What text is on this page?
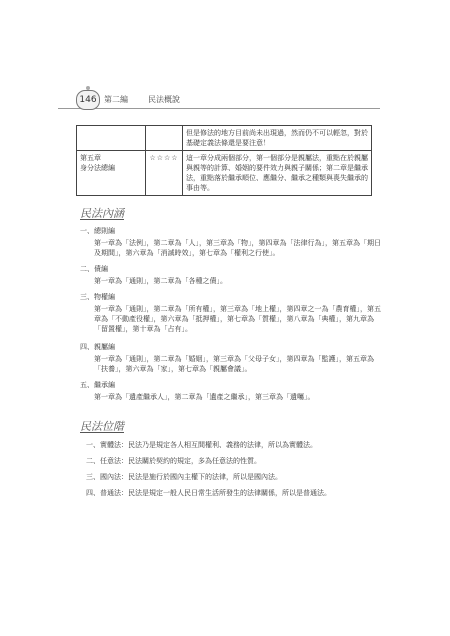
146 第二編	民法概說
		但是修法的地方目前尚未出現過，然而仍不可以輕忽，對於基礎定義法條還是要注意！

第五章
身分法總編	☆☆☆☆	這一章分成兩個部分，第一個部分是親屬法，重點在於親屬與親等的計算、婚姻的要件效力與親子關係；第二章是繼承法，重點落於繼承順位、應繼分、繼承之種類與喪失繼承的事由等。
民法內涵
一、總則編
第一章為「法例」，第二章為「人」，第三章為「物」，第四章為「法律行為」，第五章為「期日及期間」，第六章為「消滅時效」，第七章為「權利之行使」。
二、債編
第一章為「通則」，第二章為「各種之債」。
三、物權編
第一章為「通則」，第二章為「所有權」，第三章為「地上權」，第四章之一為「農育權」，第五章為「不動產役權」，第六章為「抵押權」，第七章為「質權」，第八章為「典權」，第九章為「留置權」，第十章為「占有」。
四、親屬編
第一章為「通則」，第二章為「婚姻」，第三章為「父母子女」，第四章為「監護」，第五章為「扶養」，第六章為「家」，第七章為「親屬會議」。
五、繼承編
第一章為「遺產繼承人」，第二章為「遺產之繼承」，第三章為「遺囑」。
民法位階
一、實體法：民法乃是規定各人相互間權利、義務的法律，所以為實體法。
二、任意法：民法關於契約的規定，多為任意法的性質。
三、國內法：民法是施行於國內主權下的法律，所以是國內法。
四、普通法：民法是規定一般人民日常生活所發生的法律關係，所以是普通法。
